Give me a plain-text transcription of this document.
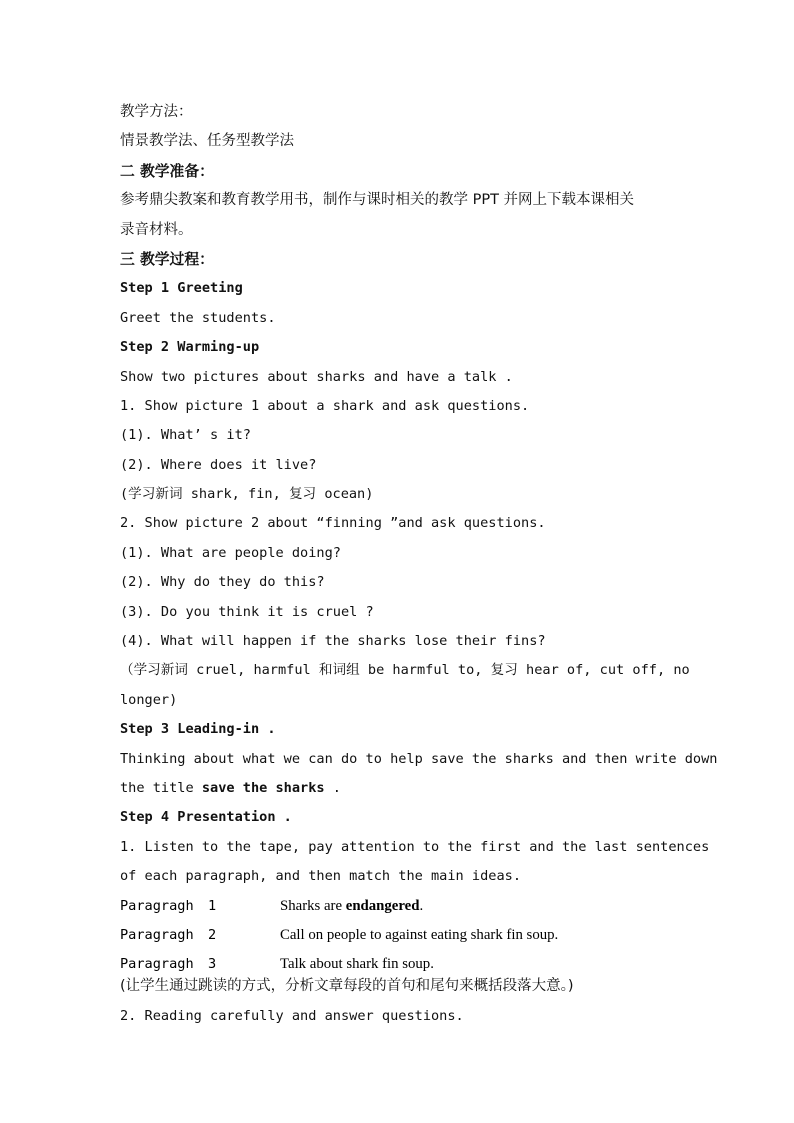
教学方法：
情景教学法、任务型教学法
二 教学准备：
参考鼎尖教案和教育教学用书，制作与课时相关的教学 PPT 并网上下载本课相关
录音材料。
三 教学过程：
Step 1 Greeting
Greet the students.
Step 2 Warming-up
Show two pictures about sharks and have a talk .
1. Show picture 1 about a shark and ask questions.
(1). What’ s it?
(2). Where does it live?
(学习新词 shark, fin, 复习 ocean)
2. Show picture 2 about “finning ”and ask questions.
(1). What are people doing?
(2). Why do they do this?
(3). Do you think it is cruel ?
(4). What will happen if the sharks lose their fins?
（学习新词 cruel, harmful 和词组 be harmful to, 复习 hear of, cut off, no
longer)
Step 3 Leading-in .
Thinking about what we can do to help save the sharks and then write down
the title save the sharks .
Step 4 Presentation .
1. Listen to the tape, pay attention to the first and the last sentences
of each paragraph, and then match the main ideas.
Paragragh 1	Sharks are endangered.
Paragragh 2	Call on people to against eating shark fin soup.
Paragragh 3	Talk about shark fin soup.
(让学生通过跳读的方式，分析文章每段的首句和尾句来概括段落大意。)
2. Reading carefully and answer questions.
